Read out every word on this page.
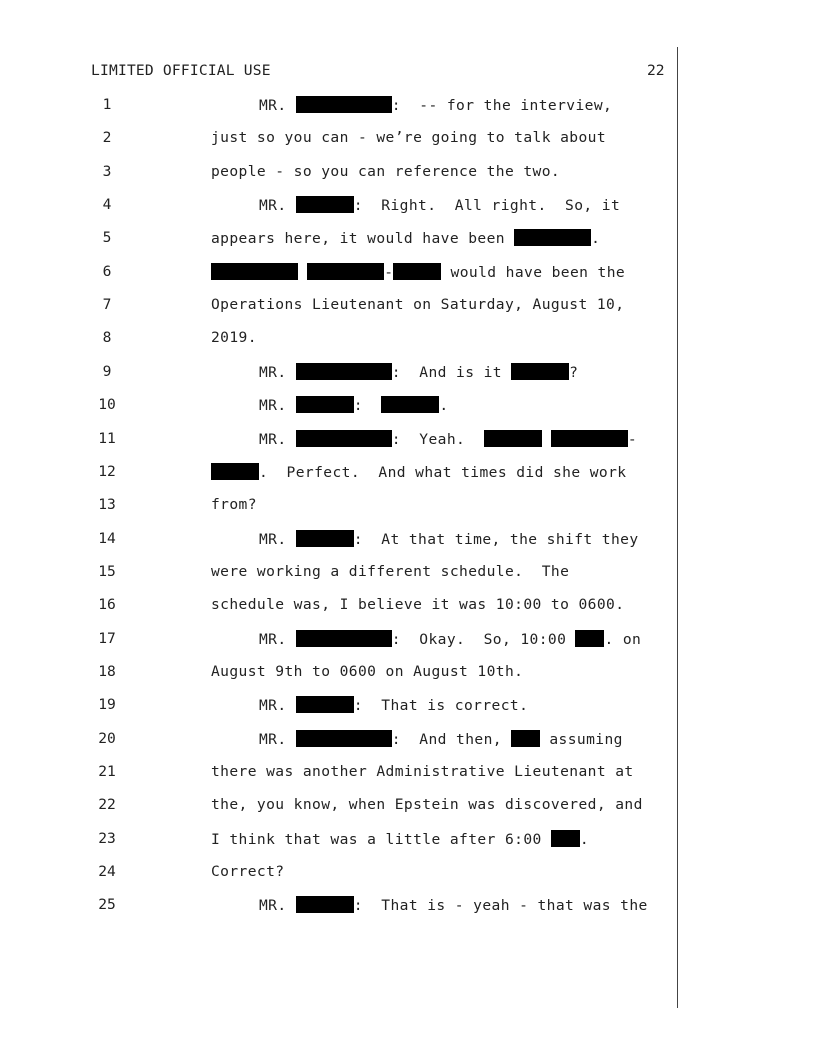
LIMITED OFFICIAL USE	22
1	MR.	:  -- for the interview,
2	just so you can - we’re going to talk about
3	people - so you can reference the two.
4	MR.	:  Right.  All right.  So, it
5	appears here, it would have been	.
6	-	would have been the
7	Operations Lieutenant on Saturday, August 10,
8	2019.
9	MR.	:  And is it	?
10	MR.	:	.
11	MR.	:  Yeah.	-
12	.  Perfect.  And what times did she work
13	from?
14	MR.	:  At that time, the shift they
15	were working a different schedule.  The
16	schedule was, I believe it was 10:00 to 0600.
17	MR.	:  Okay.  So, 10:00 . on
18	August 9th to 0600 on August 10th.
19	MR.	:  That is correct.
20	MR.	:  And then,  assuming
21	there was another Administrative Lieutenant at
22	the, you know, when Epstein was discovered, and
23	I think that was a little after 6:00 .
24	Correct?
25	MR.	:  That is - yeah - that was the
